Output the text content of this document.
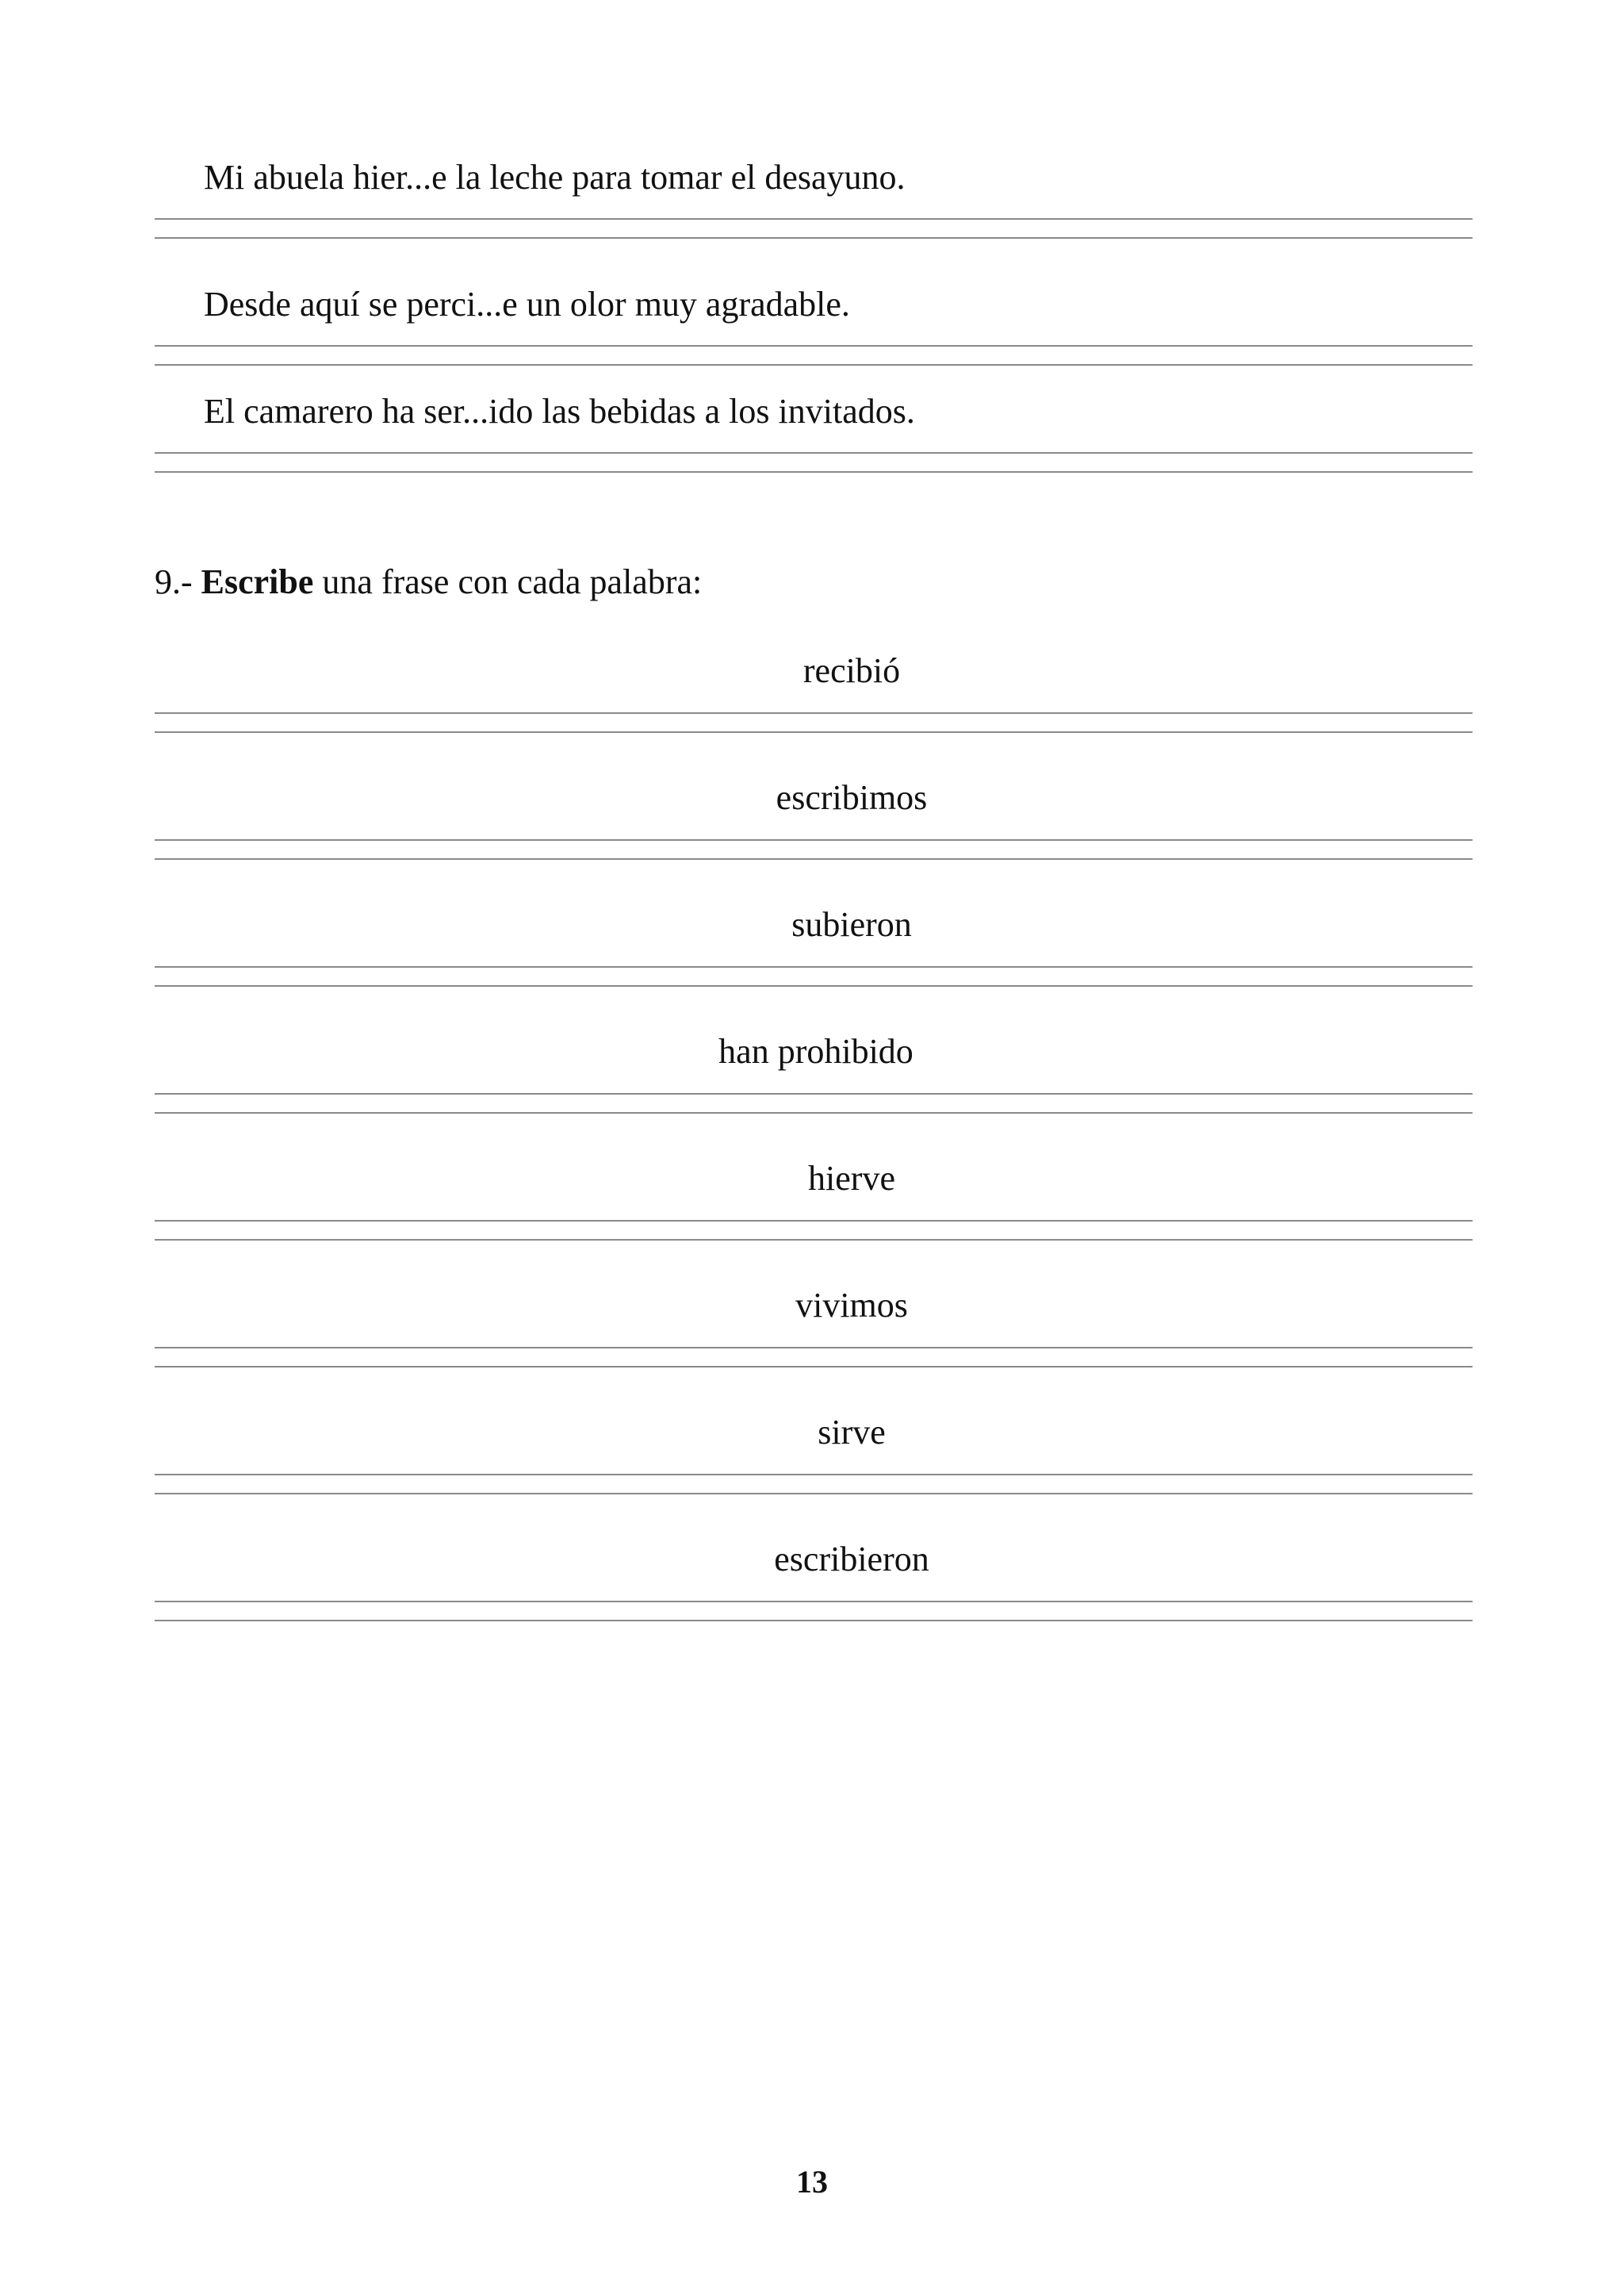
Mi abuela hier...e la leche para tomar el desayuno.
Desde aquí se perci...e un olor muy agradable.
El camarero ha ser...ido las bebidas a los invitados.
9.- Escribe una frase con cada palabra:
recibió
escribimos
subieron
han prohibido
hierve
vivimos
sirve
escribieron
13
